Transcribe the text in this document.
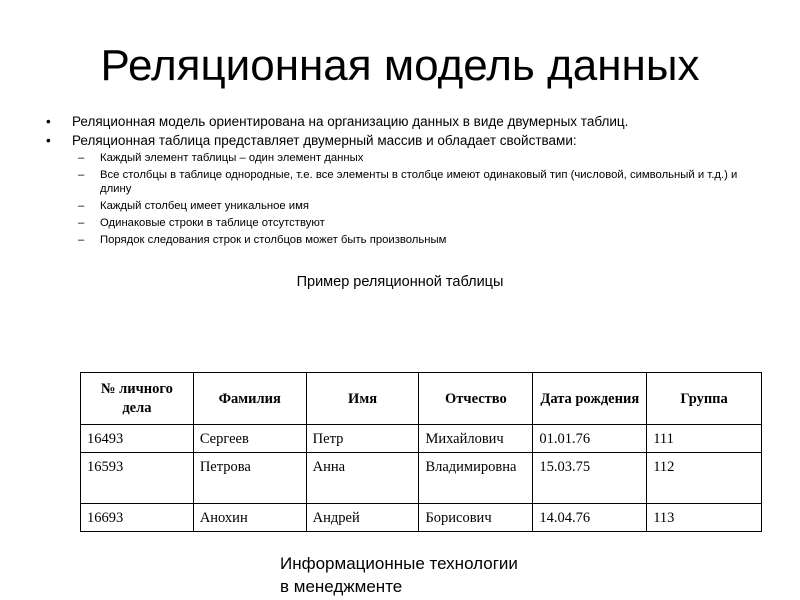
Реляционная модель данных
• Реляционная модель ориентирована на организацию данных в виде двумерных таблиц.
• Реляционная таблица представляет двумерный массив и обладает свойствами:
– Каждый элемент таблицы – один элемент данных
– Все столбцы в таблице однородные, т.е. все элементы в столбце имеют одинаковый тип (числовой, символьный и т.д.) и длину
– Каждый столбец имеет уникальное имя
– Одинаковые строки в таблице отсутствуют
– Порядок следования строк и столбцов может быть произвольным
Пример реляционной таблицы
№ личного дела	Фамилия	Имя	Отчество	Дата рождения	Группа
16493	Сергеев	Петр	Михайлович	01.01.76	111
16593	Петрова	Анна	Владимировна	15.03.75	112
16693	Анохин	Андрей	Борисович	14.04.76	113
Информационные технологии в менеджменте
